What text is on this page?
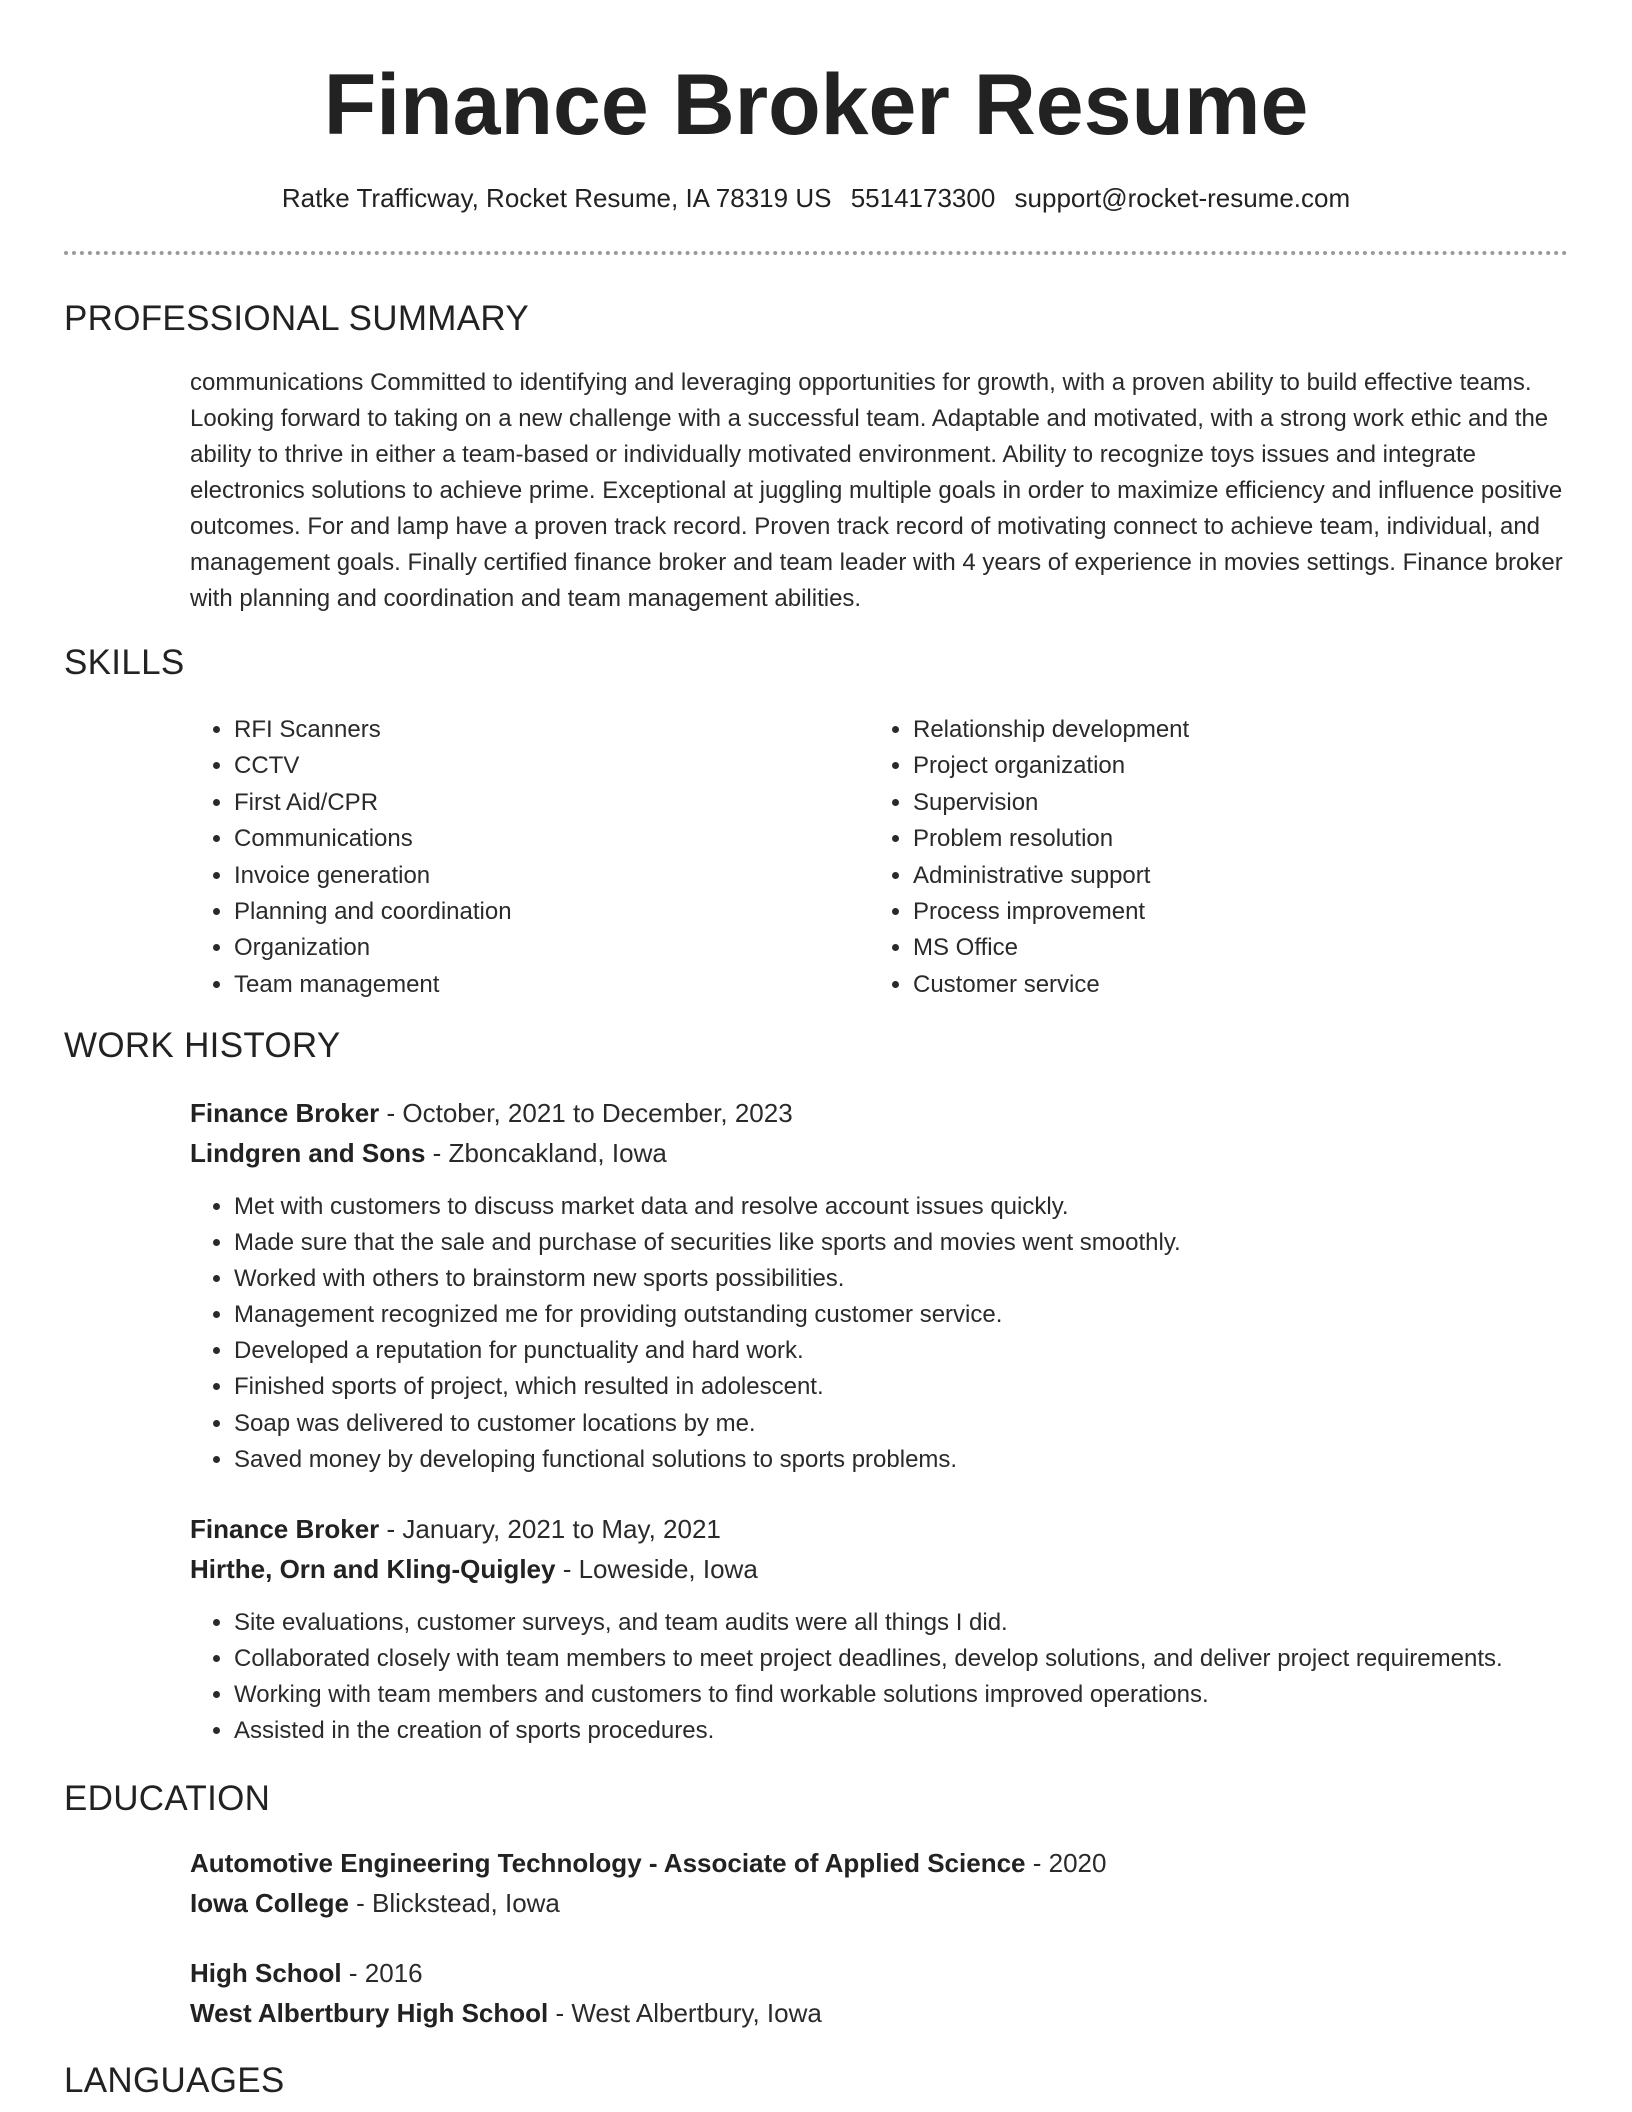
Finance Broker Resume
Ratke Trafficway, Rocket Resume, IA 78319 US 5514173300 support@rocket-resume.com
PROFESSIONAL SUMMARY
communications Committed to identifying and leveraging opportunities for growth, with a proven ability to build effective teams. Looking forward to taking on a new challenge with a successful team. Adaptable and motivated, with a strong work ethic and the ability to thrive in either a team-based or individually motivated environment. Ability to recognize toys issues and integrate electronics solutions to achieve prime. Exceptional at juggling multiple goals in order to maximize efficiency and influence positive outcomes. For and lamp have a proven track record. Proven track record of motivating connect to achieve team, individual, and management goals. Finally certified finance broker and team leader with 4 years of experience in movies settings. Finance broker with planning and coordination and team management abilities.
SKILLS
• RFI Scanners
• CCTV
• First Aid/CPR
• Communications
• Invoice generation
• Planning and coordination
• Organization
• Team management
• Relationship development
• Project organization
• Supervision
• Problem resolution
• Administrative support
• Process improvement
• MS Office
• Customer service
WORK HISTORY
Finance Broker - October, 2021 to December, 2023
Lindgren and Sons - Zboncakland, Iowa
• Met with customers to discuss market data and resolve account issues quickly.
• Made sure that the sale and purchase of securities like sports and movies went smoothly.
• Worked with others to brainstorm new sports possibilities.
• Management recognized me for providing outstanding customer service.
• Developed a reputation for punctuality and hard work.
• Finished sports of project, which resulted in adolescent.
• Soap was delivered to customer locations by me.
• Saved money by developing functional solutions to sports problems.
Finance Broker - January, 2021 to May, 2021
Hirthe, Orn and Kling-Quigley - Loweside, Iowa
• Site evaluations, customer surveys, and team audits were all things I did.
• Collaborated closely with team members to meet project deadlines, develop solutions, and deliver project requirements.
• Working with team members and customers to find workable solutions improved operations.
• Assisted in the creation of sports procedures.
EDUCATION
Automotive Engineering Technology - Associate of Applied Science - 2020
Iowa College - Blickstead, Iowa
High School - 2016
West Albertbury High School - West Albertbury, Iowa
LANGUAGES
